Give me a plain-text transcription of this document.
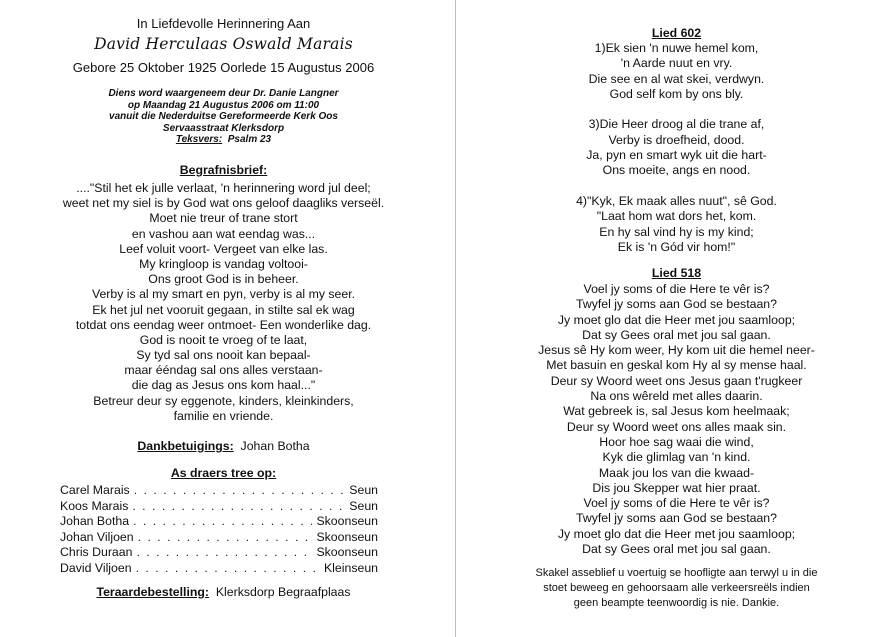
In Liefdevolle Herinnering Aan
David Herculaas Oswald Marais
Gebore 25 Oktober 1925 Oorlede 15 Augustus 2006
Diens word waargeneem deur Dr. Danie Langner
op Maandag 21 Augustus 2006 om 11:00
vanuit die Nederduitse Gereformeerde Kerk Oos
Servaasstraat Klerksdorp
Teksvers: Psalm 23
Begrafnisbrief:
...."Stil het ek julle verlaat, 'n herinnering word jul deel;
weet net my siel is by God wat ons geloof daagliks verseël.
Moet nie treur of trane stort
en vashou aan wat eendag was...
Leef voluit voort- Vergeet van elke las.
My kringloop is vandag voltooi-
Ons groot God is in beheer.
Verby is al my smart en pyn, verby is al my seer.
Ek het jul net vooruit gegaan, in stilte sal ek wag
totdat ons eendag weer ontmoet- Een wonderlike dag.
God is nooit te vroeg of te laat,
Sy tyd sal ons nooit kan bepaal-
maar ééndag sal ons alles verstaan-
die dag as Jesus ons kom haal..."
Betreur deur sy eggenote, kinders, kleinkinders,
familie en vriende.
Dankbetuigings: Johan Botha
As draers tree op:
Carel Marais . . .	Seun
Koos Marais . . .	Seun
Johan Botha . . .	Skoonseun
Johan Viljoen . . .	Skoonseun
Chris Duraan . . .	Skoonseun
David Viljoen . . .	Kleinseun
Teraardebestelling: Klerksdorp Begraafplaas
Lied 602
1)Ek sien 'n nuwe hemel kom,
'n Aarde nuut en vry.
Die see en al wat skei, verdwyn.
God self kom by ons bly.
3)Die Heer droog al die trane af,
Verby is droefheid, dood.
Ja, pyn en smart wyk uit die hart-
Ons moeite, angs en nood.
4)"Kyk, Ek maak alles nuut", sê God.
"Laat hom wat dors het, kom.
En hy sal vind hy is my kind;
Ek is 'n Gód vir hom!"
Lied 518
Voel jy soms of die Here te vêr is?
Twyfel jy soms aan God se bestaan?
Jy moet glo dat die Heer met jou saamloop;
Dat sy Gees oral met jou sal gaan.
Jesus sê Hy kom weer, Hy kom uit die hemel neer-
Met basuin en geskal kom Hy al sy mense haal.
Deur sy Woord weet ons Jesus gaan t'rugkeer
Na ons wêreld met alles daarin.
Wat gebreek is, sal Jesus kom heelmaak;
Deur sy Woord weet ons alles maak sin.
Hoor hoe sag waai die wind,
Kyk die glimlag van 'n kind.
Maak jou los van die kwaad-
Dis jou Skepper wat hier praat.
Voel jy soms of die Here te vêr is?
Twyfel jy soms aan God se bestaan?
Jy moet glo dat die Heer met jou saamloop;
Dat sy Gees oral met jou sal gaan.
Skakel asseblief u voertuig se hoofligte aan terwyl u in die
stoet beweeg en gehoorsaam alle verkeersreëls indien
geen beampte teenwoordig is nie. Dankie.
